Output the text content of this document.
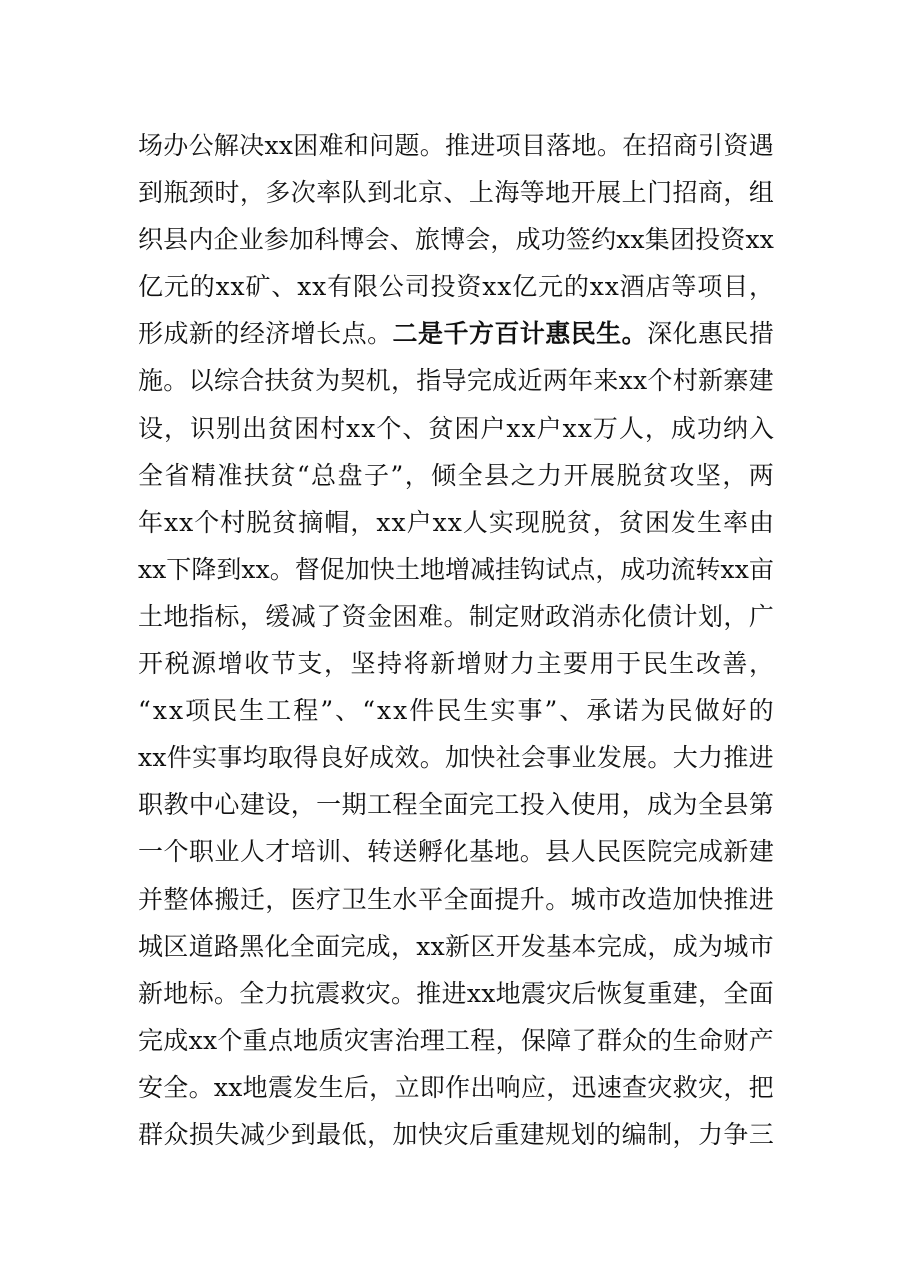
场 办 公 解 决 x x 困 难 和 问 题 。 推 进 项 目 落 地 。 在 招 商 引 资 遇
到 瓶 颈 时 ， 多 次 率 队 到 北 京 、 上 海 等 地 开 展 上 门 招 商 ， 组
织 县 内 企 业 参 加 科 博 会 、 旅 博 会 ， 成 功 签 约 x x 集 团 投 资 x x
亿 元 的 x x 矿 、 x x 有 限 公 司 投 资 x x 亿 元 的 x x 酒 店 等 项 目 ，
形 成 新 的 经 济 增 长 点 。 二 是 千 方 百 计 惠 民 生 。 深 化 惠 民 措
施 。 以 综 合 扶 贫 为 契 机 ， 指 导 完 成 近 两 年 来 x x 个 村 新 寨 建
设 ， 识 别 出 贫 困 村 x x 个 、 贫 困 户 x x 户 x x 万 人 ， 成 功 纳 入
全 省 精 准 扶 贫 “ 总 盘 子 ” ， 倾 全 县 之 力 开 展 脱 贫 攻 坚 ， 两
年 x x 个 村 脱 贫 摘 帽 ， x x 户 x x 人 实 现 脱 贫 ， 贫 困 发 生 率 由
x x 下 降 到 x x 。 督 促 加 快 土 地 增 减 挂 钩 试 点 ， 成 功 流 转 x x 亩
土 地 指 标 ， 缓 减 了 资 金 困 难 。 制 定 财 政 消 赤 化 债 计 划 ， 广
开 税 源 增 收 节 支 ， 坚 持 将 新 增 财 力 主 要 用 于 民 生 改 善 ，
“ x x 项 民 生 工 程 ” 、 “ x x 件 民 生 实 事 ” 、 承 诺 为 民 做 好 的
x x 件 实 事 均 取 得 良 好 成 效 。 加 快 社 会 事 业 发 展 。 大 力 推 进
职 教 中 心 建 设 ， 一 期 工 程 全 面 完 工 投 入 使 用 ， 成 为 全 县 第
一 个 职 业 人 才 培 训 、 转 送 孵 化 基 地 。 县 人 民 医 院 完 成 新 建
并 整 体 搬 迁 ， 医 疗 卫 生 水 平 全 面 提 升 。 城 市 改 造 加 快 推 进
城 区 道 路 黑 化 全 面 完 成 ， x x 新 区 开 发 基 本 完 成 ， 成 为 城 市
新 地 标 。 全 力 抗 震 救 灾 。 推 进 x x 地 震 灾 后 恢 复 重 建 ， 全 面
完 成 x x 个 重 点 地 质 灾 害 治 理 工 程 ， 保 障 了 群 众 的 生 命 财 产
安 全 。 x x 地 震 发 生 后 ， 立 即 作 出 响 应 ， 迅 速 查 灾 救 灾 ， 把
群 众 损 失 减 少 到 最 低 ， 加 快 灾 后 重 建 规 划 的 编 制 ， 力 争 三
